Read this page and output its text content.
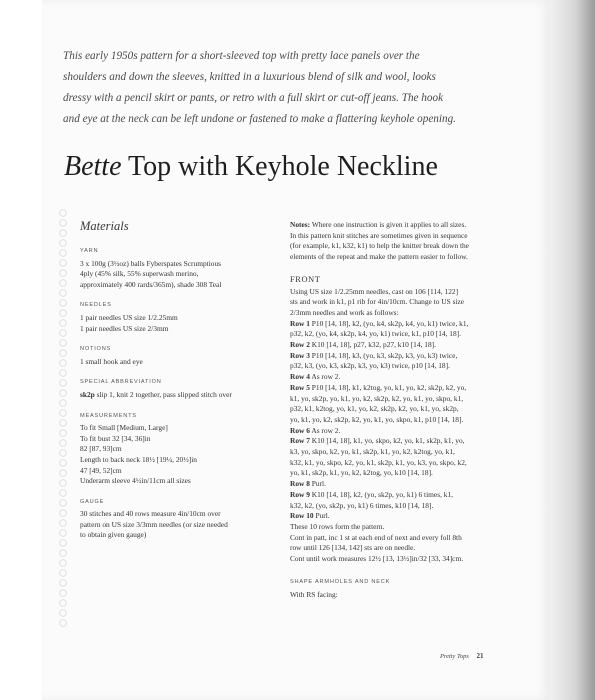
This early 1950s pattern for a short-sleeved top with pretty lace panels over the
shoulders and down the sleeves, knitted in a luxurious blend of silk and wool, looks
dressy with a pencil skirt or pants, or retro with a full skirt or cut-off jeans. The hook
and eye at the neck can be left undone or fastened to make a flattering keyhole opening.
Bette Top with Keyhole Neckline
Materials
YARN
3 x 100g (3½oz) balls Fyberspates Scrumptious
4ply (45% silk, 55% superwash merino,
approximately 400 rards/365m), shade 308 Teal
NEEDLES
1 pair needles US size 1/2.25mm
1 pair needles US size 2/3mm
NOTIONS
1 small hook and eye
SPECIAL ABBREVIATION
sk2p slip 1, knit 2 together, pass slipped stitch over
MEASUREMENTS
To fit Small [Medium, Large]
To fit bust 32 [34, 36]in
82 [87, 93]cm
Length to back neck 18½ [19¼, 20½]in
47 [49, 52]cm
Underarm sleeve 4½in/11cm all sizes
GAUGE
30 stitches and 40 rows measure 4in/10cm over
pattern on US size 3/3mm needles (or size needed
to obtain given gauge)
Notes: Where one instruction is given it applies to all sizes.
In this pattern knit stitches are sometimes given in sequence
(for example, k1, k32, k1) to help the knitter break down the
elements of the repeat and make the pattern easier to follow.
FRONT
Using US size 1/2.25mm needles, cast on 106 [114, 122]
sts and work in k1, p1 rib for 4in/10cm. Change to US size
2/3mm needles and work as follows:
Row 1 P10 [14, 18], k2, (yo, k4, sk2p, k4, yo, k1) twice, k1,
p32, k2, (yo, k4, sk2p, k4, yo, k1) twice, k1, p10 [14, 18].
Row 2 K10 [14, 18], p27, k32, p27, k10 [14, 18].
Row 3 P10 [14, 18], k3, (yo, k3, sk2p, k3, yo, k3) twice,
p32, k3, (yo, k3, sk2p, k3, yo, k3) twice, p10 [14, 18].
Row 4 As row 2.
Row 5 P10 [14, 18], k1, k2tog, yo, k1, yo, k2, sk2p, k2, yo,
k1, yo, sk2p, yo, k1, yo, k2, sk2p, k2, yo, k1, yo, skpo, k1,
p32, k1, k2tog, yo, k1, yo, k2, sk2p, k2, yo, k1, yo, sk2p,
yo, k1, yo, k2, sk2p, k2, yo, k1, yo, skpo, k1, p10 [14, 18].
Row 6 As row 2.
Row 7 K10 [14, 18], k1, yo, skpo, k2, yo, k1, sk2p, k1, yo,
k3, yo, skpo, k2, yo, k1, sk2p, k1, yo, k2, k2tog, yo, k1,
k32, k1, yo, skpo, k2, yo, k1, sk2p, k1, yo, k3, yo, skpo, k2,
yo, k1, sk2p, k1, yo, k2, k2tog, yo, k10 [14, 18].
Row 8 Purl.
Row 9 K10 [14, 18], k2, (yo, sk2p, yo, k1) 6 times, k1,
k32, k2, (yo, sk2p, yo, k1) 6 times, k10 [14, 18].
Row 10 Purl.
These 10 rows form the pattern.
Cont in patt, inc 1 st at each end of next and every foll 8th
row until 126 [134, 142] sts are on needle.
Cont until work measures 12½ [13, 13½]in/32 [33, 34]cm.
SHAPE ARMHOLES AND NECK
With RS facing:
Pretty Tops 21
